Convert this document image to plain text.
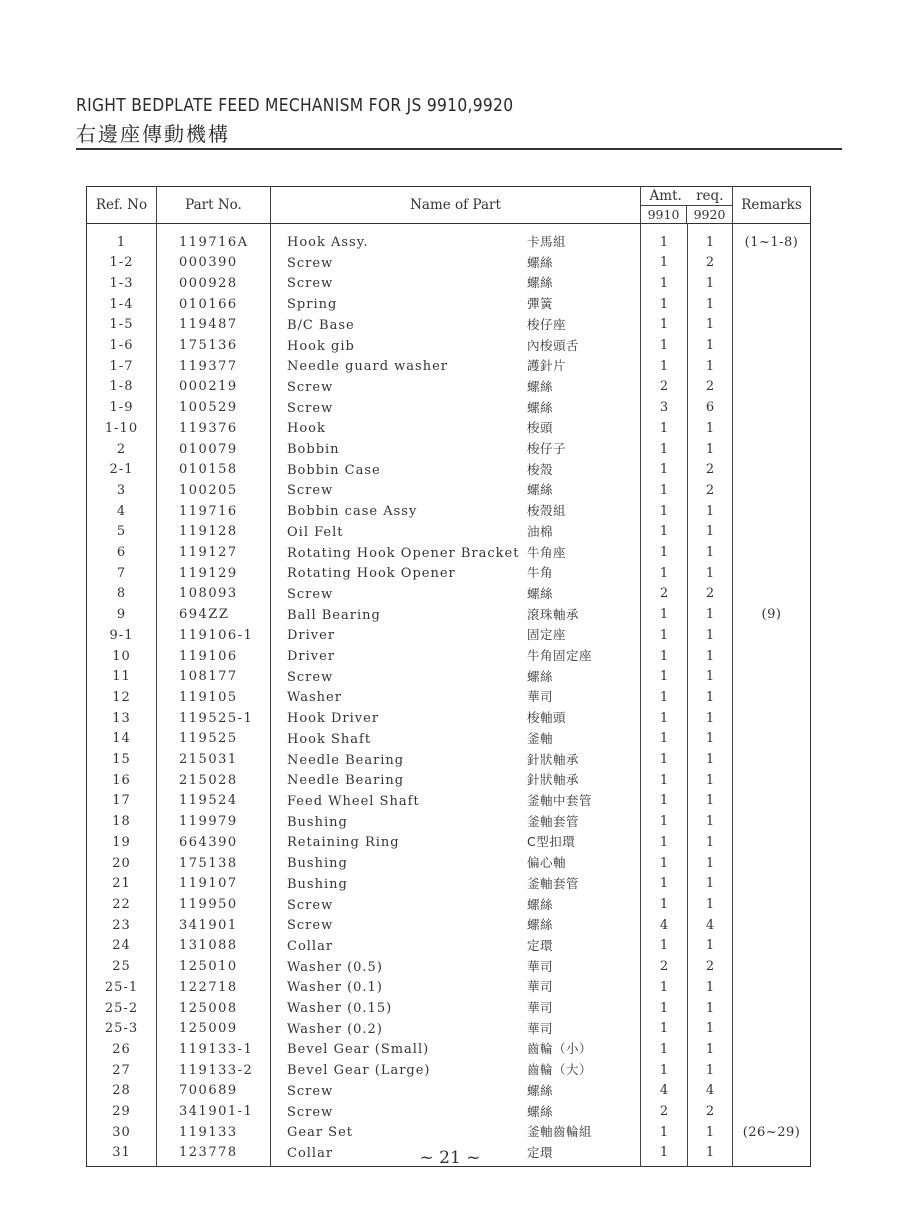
RIGHT BEDPLATE FEED MECHANISM FOR JS 9910,9920
右邊座傳動機構
Ref. No	Part No.	Name of Part	Amt. req.
9910 9920		Remarks
1	119716A	Hook Assy. 卡馬組	1	1	(1~1-8)
1-2	000390	Screw 螺絲	1	2	
1-3	000928	Screw 螺絲	1	1	
1-4	010166	Spring 彈簧	1	1	
1-5	119487	B/C Base 梭仔座	1	1	
1-6	175136	Hook gib 內梭頭舌	1	1	
1-7	119377	Needle guard washer 護針片	1	1	
1-8	000219	Screw 螺絲	2	2	
1-9	100529	Screw 螺絲	3	6	
1-10	119376	Hook 梭頭	1	1	
2	010079	Bobbin 梭仔子	1	1	
2-1	010158	Bobbin Case 梭殼	1	2	
3	100205	Screw 螺絲	1	2	
4	119716	Bobbin case Assy 梭殼組	1	1	
5	119128	Oil Felt 油棉	1	1	
6	119127	Rotating Hook Opener Bracket 牛角座	1	1	
7	119129	Rotating Hook Opener 牛角	1	1	
8	108093	Screw 螺絲	2	2	
9	694ZZ	Ball Bearing 滾珠軸承	1	1	(9)
9-1	119106-1	Driver 固定座	1	1	
10	119106	Driver 牛角固定座	1	1	
11	108177	Screw 螺絲	1	1	
12	119105	Washer 華司	1	1	
13	119525-1	Hook Driver 梭軸頭	1	1	
14	119525	Hook Shaft 釜軸	1	1	
15	215031	Needle Bearing 針狀軸承	1	1	
16	215028	Needle Bearing 針狀軸承	1	1	
17	119524	Feed Wheel Shaft 釜軸中套管	1	1	
18	119979	Bushing 釜軸套管	1	1	
19	664390	Retaining Ring C型扣環	1	1	
20	175138	Bushing 偏心軸	1	1	
21	119107	Bushing 釜軸套管	1	1	
22	119950	Screw 螺絲	1	1	
23	341901	Screw 螺絲	4	4	
24	131088	Collar 定環	1	1	
25	125010	Washer (0.5) 華司	2	2	
25-1	122718	Washer (0.1) 華司	1	1	
25-2	125008	Washer (0.15) 華司	1	1	
25-3	125009	Washer (0.2) 華司	1	1	
26	119133-1	Bevel Gear (Small) 齒輪（小）	1	1	
27	119133-2	Bevel Gear (Large) 齒輪（大）	1	1	
28	700689	Screw 螺絲	4	4	
29	341901-1	Screw 螺絲	2	2	
30	119133	Gear Set 釜軸齒輪組	1	1	(26~29)
31	123778	Collar 定環	1	1	
~ 21 ~
